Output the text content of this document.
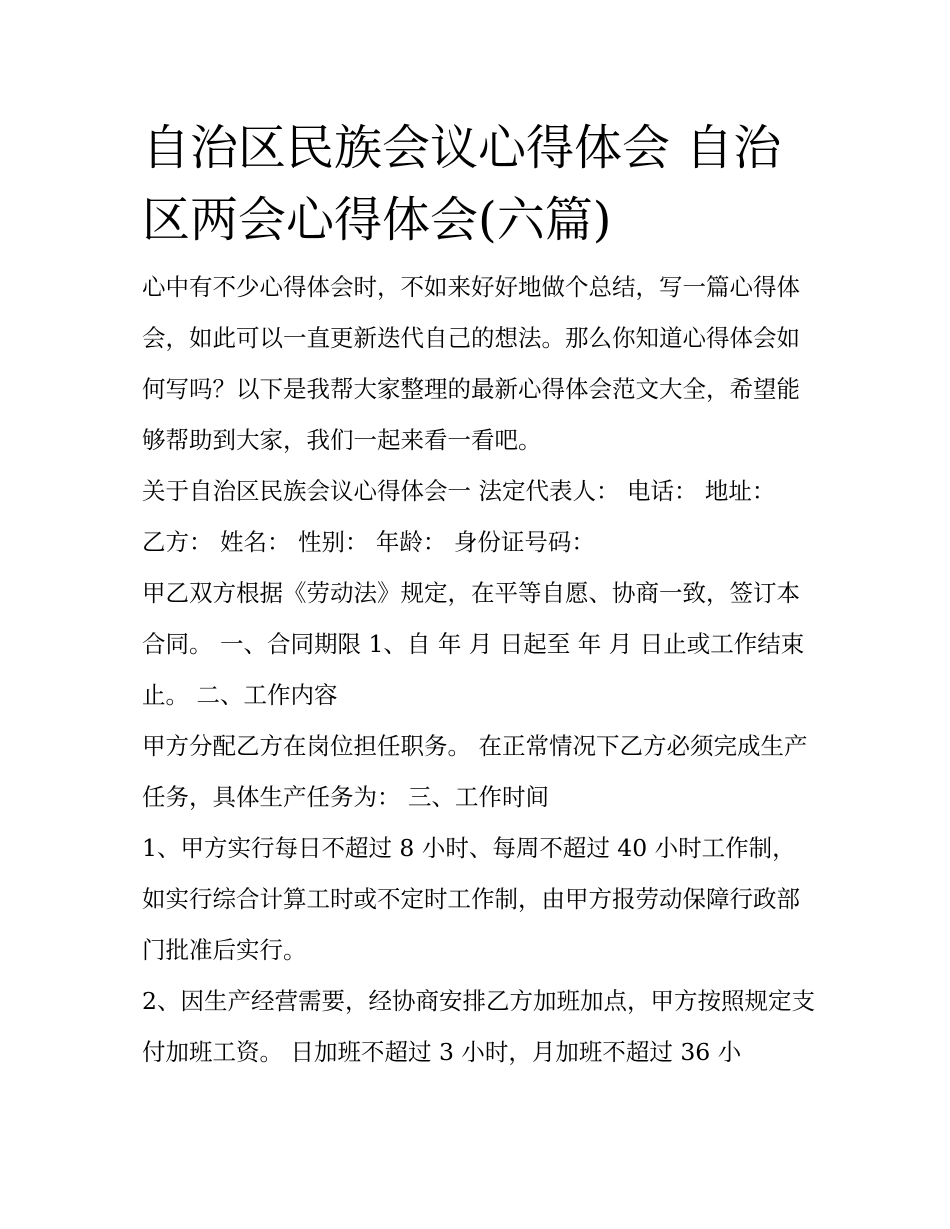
自治区民族会议心得体会 自治区两会心得体会(六篇)

心中有不少心得体会时，不如来好好地做个总结，写一篇心得体会，如此可以一直更新迭代自己的想法。那么你知道心得体会如何写吗？以下是我帮大家整理的最新心得体会范文大全，希望能够帮助到大家，我们一起来看一看吧。

关于自治区民族会议心得体会一 法定代表人： 电话： 地址：

乙方： 姓名： 性别： 年龄： 身份证号码：

甲乙双方根据《劳动法》规定，在平等自愿、协商一致，签订本合同。 一、合同期限 1、自 年 月 日起至 年 月 日止或工作结束止。 二、工作内容

甲方分配乙方在岗位担任职务。 在正常情况下乙方必须完成生产任务，具体生产任务为： 三、工作时间

1、甲方实行每日不超过 8 小时、每周不超过 40 小时工作制，如实行综合计算工时或不定时工作制，由甲方报劳动保障行政部门批准后实行。

2、因生产经营需要，经协商安排乙方加班加点，甲方按照规定支付加班工资。 日加班不超过 3 小时，月加班不超过 36 小
